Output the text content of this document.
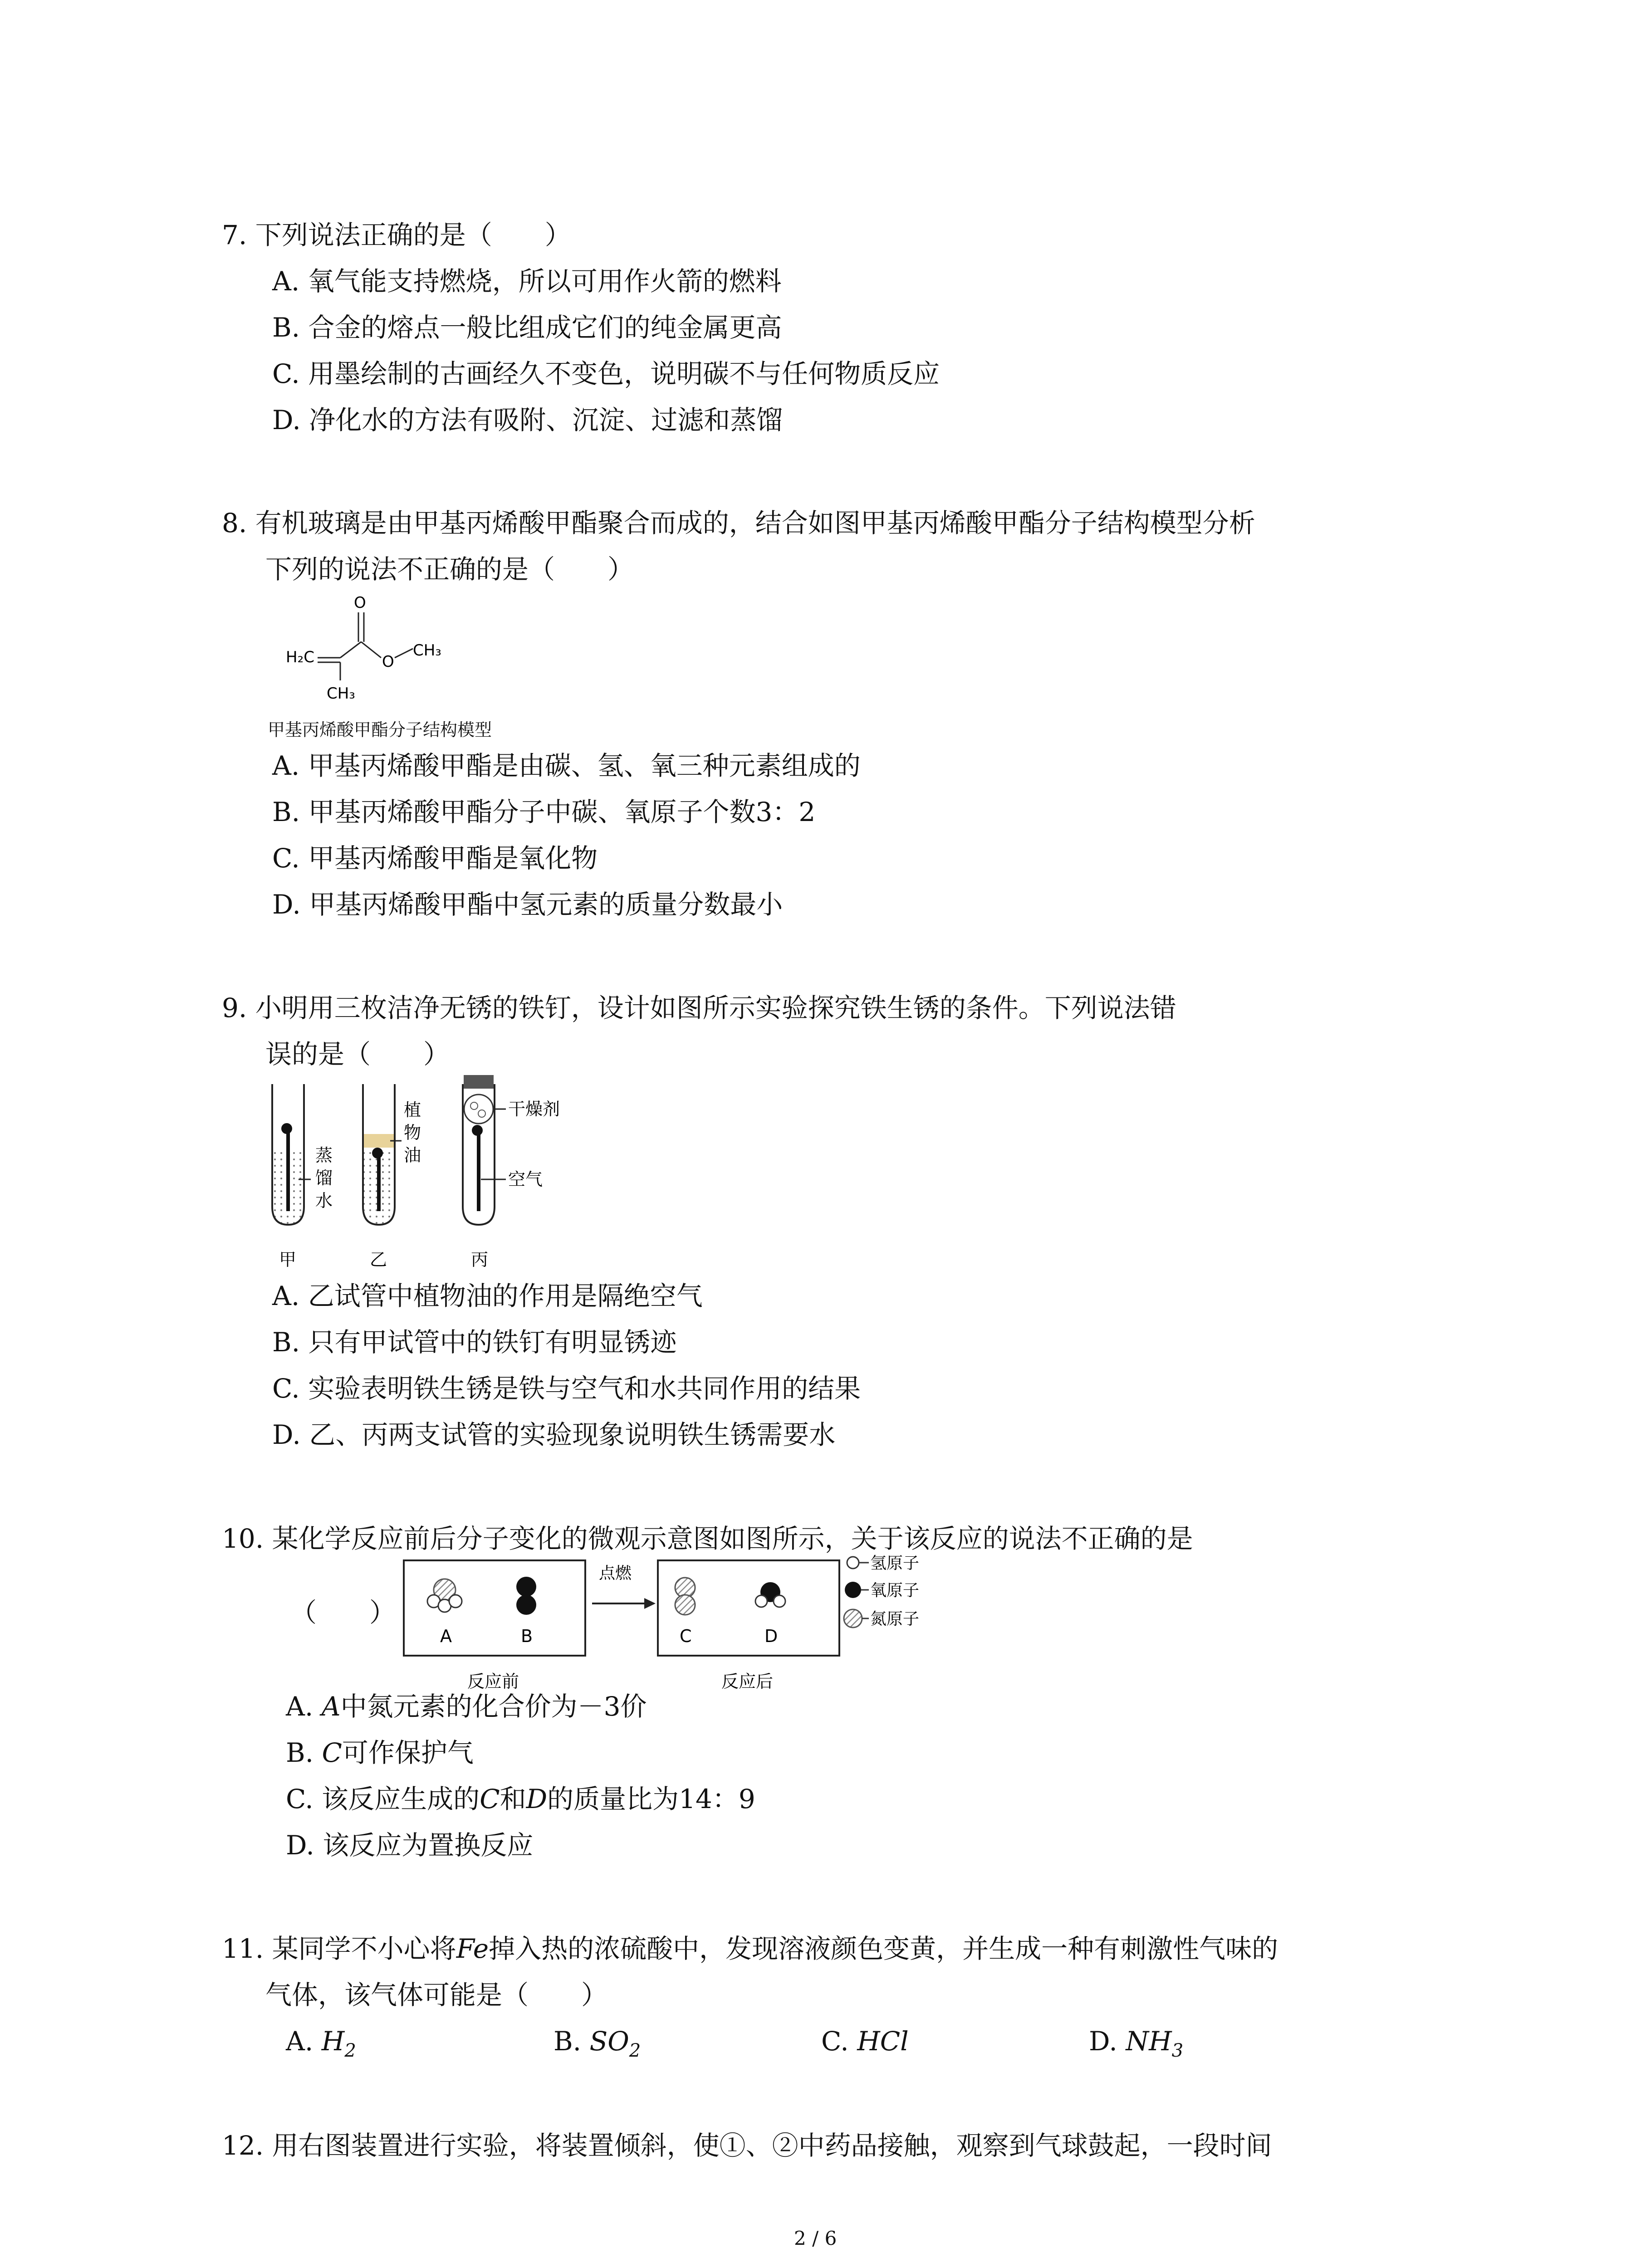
7. 下列说法正确的是（　　）
A. 氧气能支持燃烧，所以可用作火箭的燃料
B. 合金的熔点一般比组成它们的纯金属更高
C. 用墨绘制的古画经久不变色，说明碳不与任何物质反应
D. 净化水的方法有吸附、沉淀、过滤和蒸馏
8. 有机玻璃是由甲基丙烯酸甲酯聚合而成的，结合如图甲基丙烯酸甲酯分子结构模型分析
下列的说法不正确的是（　　）
O
H₂C	O
CH₃
CH₃
甲基丙烯酸甲酯分子结构模型
A. 甲基丙烯酸甲酯是由碳、氢、氧三种元素组成的
B. 甲基丙烯酸甲酯分子中碳、氧原子个数3：2
C. 甲基丙烯酸甲酯是氧化物
D. 甲基丙烯酸甲酯中氢元素的质量分数最小
9. 小明用三枚洁净无锈的铁钉，设计如图所示实验探究铁生锈的条件。下列说法错
误的是（　　）
蒸
馏
水
植
物
油
干燥剂
空气
甲	乙	丙
A. 乙试管中植物油的作用是隔绝空气
B. 只有甲试管中的铁钉有明显锈迹
C. 实验表明铁生锈是铁与空气和水共同作用的结果
D. 乙、丙两支试管的实验现象说明铁生锈需要水
10. 某化学反应前后分子变化的微观示意图如图所示，关于该反应的说法不正确的是
（　　）
A	B
点燃
C	D
反应前	反应后
氢原子
氧原子
氮原子
A. A中氮元素的化合价为－3价
B. C可作保护气
C. 该反应生成的C和D的质量比为14：9
D. 该反应为置换反应
11. 某同学不小心将Fe掉入热的浓硫酸中，发现溶液颜色变黄，并生成一种有刺激性气味的
气体，该气体可能是（　　）
A. $H_2$	B. $SO_2$	C. HCl	D. $NH_3$
12. 用右图装置进行实验，将装置倾斜，使①、②中药品接触，观察到气球鼓起，一段时间
2 / 6
